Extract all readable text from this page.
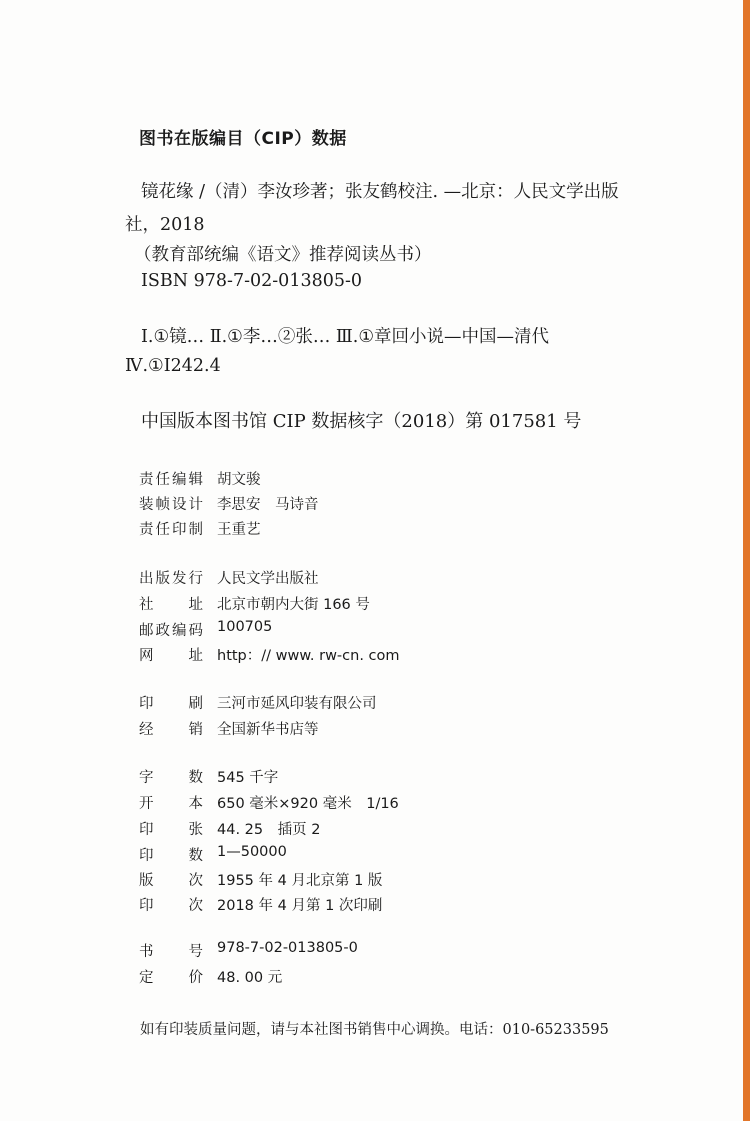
图书在版编目（CIP）数据
镜花缘 /（清）李汝珍著；张友鹤校注. —北京：人民文学出版
社，2018
（教育部统编《语文》推荐阅读丛书）
ISBN 978-7-02-013805-0
Ⅰ.①镜… Ⅱ.①李…②张… Ⅲ.①章回小说—中国—清代
Ⅳ.①I242.4
中国版本图书馆 CIP 数据核字（2018）第 017581 号
责任编辑 胡文骏
装帧设计 李思安　马诗音
责任印制 王重艺
出版发行 人民文学出版社
社　　址 北京市朝内大街 166 号
邮政编码 100705
网　　址 http：// www. rw-cn. com
印　　刷 三河市延风印装有限公司
经　　销 全国新华书店等
字　　数 545 千字
开　　本 650 毫米×920 毫米　1/16
印　　张 44. 25　插页 2
印　　数 1—50000
版　　次 1955 年 4 月北京第 1 版
印　　次 2018 年 4 月第 1 次印刷
书　　号 978-7-02-013805-0
定　　价 48. 00 元
如有印装质量问题，请与本社图书销售中心调换。电话：010-65233595
